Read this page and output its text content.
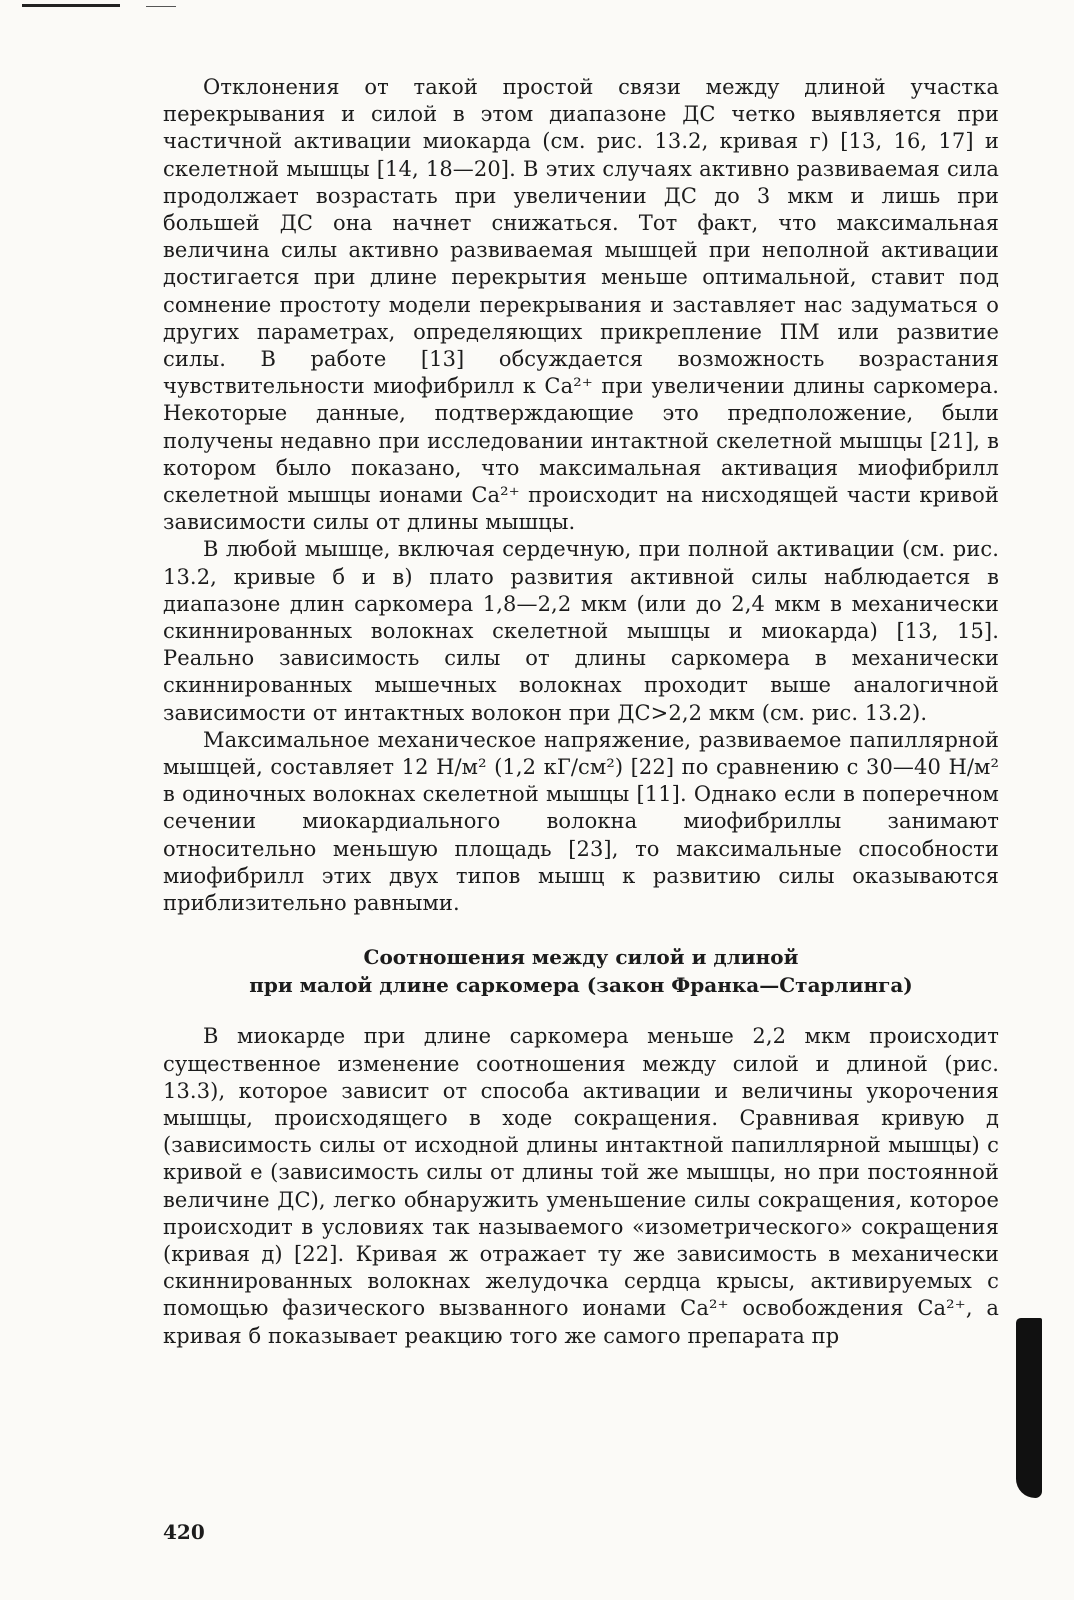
Отклонения от такой простой связи между длиной участка перекрывания и силой в этом диапазоне ДС четко выявляется при частичной активации миокарда (см. рис. 13.2, кривая г) [13, 16, 17] и скелетной мышцы [14, 18—20]. В этих случаях активно развиваемая сила продолжает возрастать при увеличении ДС до 3 мкм и лишь при большей ДС она начнет снижаться. Тот факт, что максимальная величина силы активно развиваемая мышцей при неполной активации достигается при длине перекрытия меньше оптимальной, ставит под сомнение простоту модели перекрывания и заставляет нас задуматься о других параметрах, определяющих прикрепление ПМ или развитие силы. В работе [13] обсуждается возможность возрастания чувствительности миофибрилл к Ca²⁺ при увеличении длины саркомера. Некоторые данные, подтверждающие это предположение, были получены недавно при исследовании интактной скелетной мышцы [21], в котором было показано, что максимальная активация миофибрилл скелетной мышцы ионами Ca²⁺ происходит на нисходящей части кривой зависимости силы от длины мышцы.

В любой мышце, включая сердечную, при полной активации (см. рис. 13.2, кривые б и в) плато развития активной силы наблюдается в диапазоне длин саркомера 1,8—2,2 мкм (или до 2,4 мкм в механически скиннированных волокнах скелетной мышцы и миокарда) [13, 15]. Реально зависимость силы от длины саркомера в механически скиннированных мышечных волокнах проходит выше аналогичной зависимости от интактных волокон при ДС>2,2 мкм (см. рис. 13.2).

Максимальное механическое напряжение, развиваемое папиллярной мышцей, составляет 12 Н/м² (1,2 кГ/см²) [22] по сравнению с 30—40 Н/м² в одиночных волокнах скелетной мышцы [11]. Однако если в поперечном сечении миокардиального волокна миофибриллы занимают относительно меньшую площадь [23], то максимальные способности миофибрилл этих двух типов мышц к развитию силы оказываются приблизительно равными.

Соотношения между силой и длиной
при малой длине саркомера (закон Франка—Старлинга)

В миокарде при длине саркомера меньше 2,2 мкм происходит существенное изменение соотношения между силой и длиной (рис. 13.3), которое зависит от способа активации и величины укорочения мышцы, происходящего в ходе сокращения. Сравнивая кривую д (зависимость силы от исходной длины интактной папиллярной мышцы) с кривой е (зависимость силы от длины той же мышцы, но при постоянной величине ДС), легко обнаружить уменьшение силы сокращения, которое происходит в условиях так называемого «изометрического» сокращения (кривая д) [22]. Кривая ж отражает ту же зависимость в механически скиннированных волокнах желудочка сердца крысы, активируемых с помощью фазического вызванного ионами Ca²⁺ освобождения Ca²⁺, а кривая б показывает реакцию того же самого препарата пр

420
